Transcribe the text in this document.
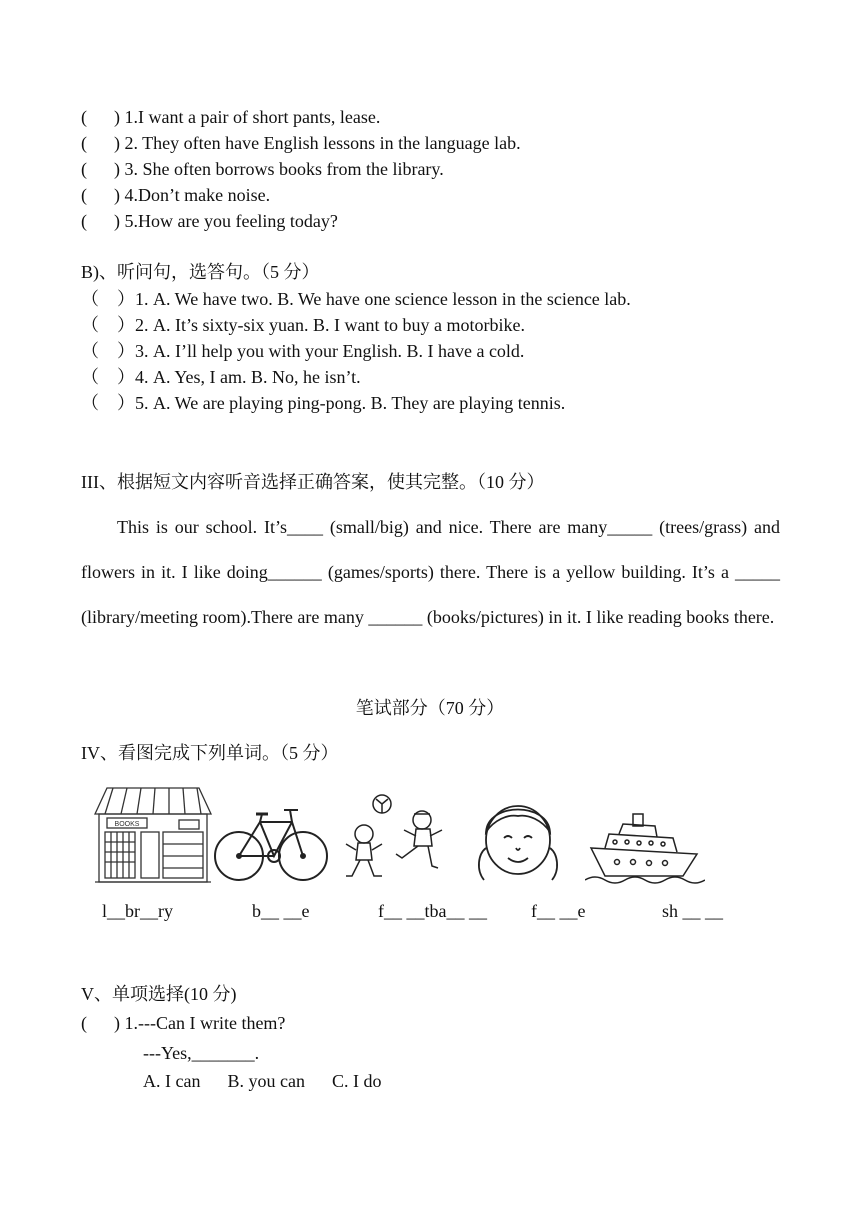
(      ) 1.I want a pair of short pants, lease.
(      ) 2. They often have English lessons in the language lab.
(      ) 3. She often borrows books from the library.
(      ) 4.Don’t make noise.
(      ) 5.How are you feeling today?
B)、听问句，选答句。（5 分）
（    ）1. A. We have two. B. We have one science lesson in the science lab.
（    ）2. A. It’s sixty-six yuan. B. I want to buy a motorbike.
（    ）3. A. I’ll help you with your English. B. I have a cold.
（    ）4. A. Yes, I am. B. No, he isn’t.
（    ）5. A. We are playing ping-pong. B. They are playing tennis.
III、根据短文内容听音选择正确答案，使其完整。（10 分）
This is our school. It’s____ (small/big) and nice. There are many_____ (trees/grass) and flowers in it. I like doing______ (games/sports) there. There is a yellow building. It’s a _____ (library/meeting room).There are many ______ (books/pictures) in it. I like reading books there.
笔试部分（70 分）
IV、看图完成下列单词。（5 分）
BOOKS
l__br__ry	b__ __e	f__ __tba__ __ f__ __e	sh __ __
V、单项选择(10 分)
(      ) 1.---Can I write them?
---Yes,_______.
A. I can      B. you can      C. I do
